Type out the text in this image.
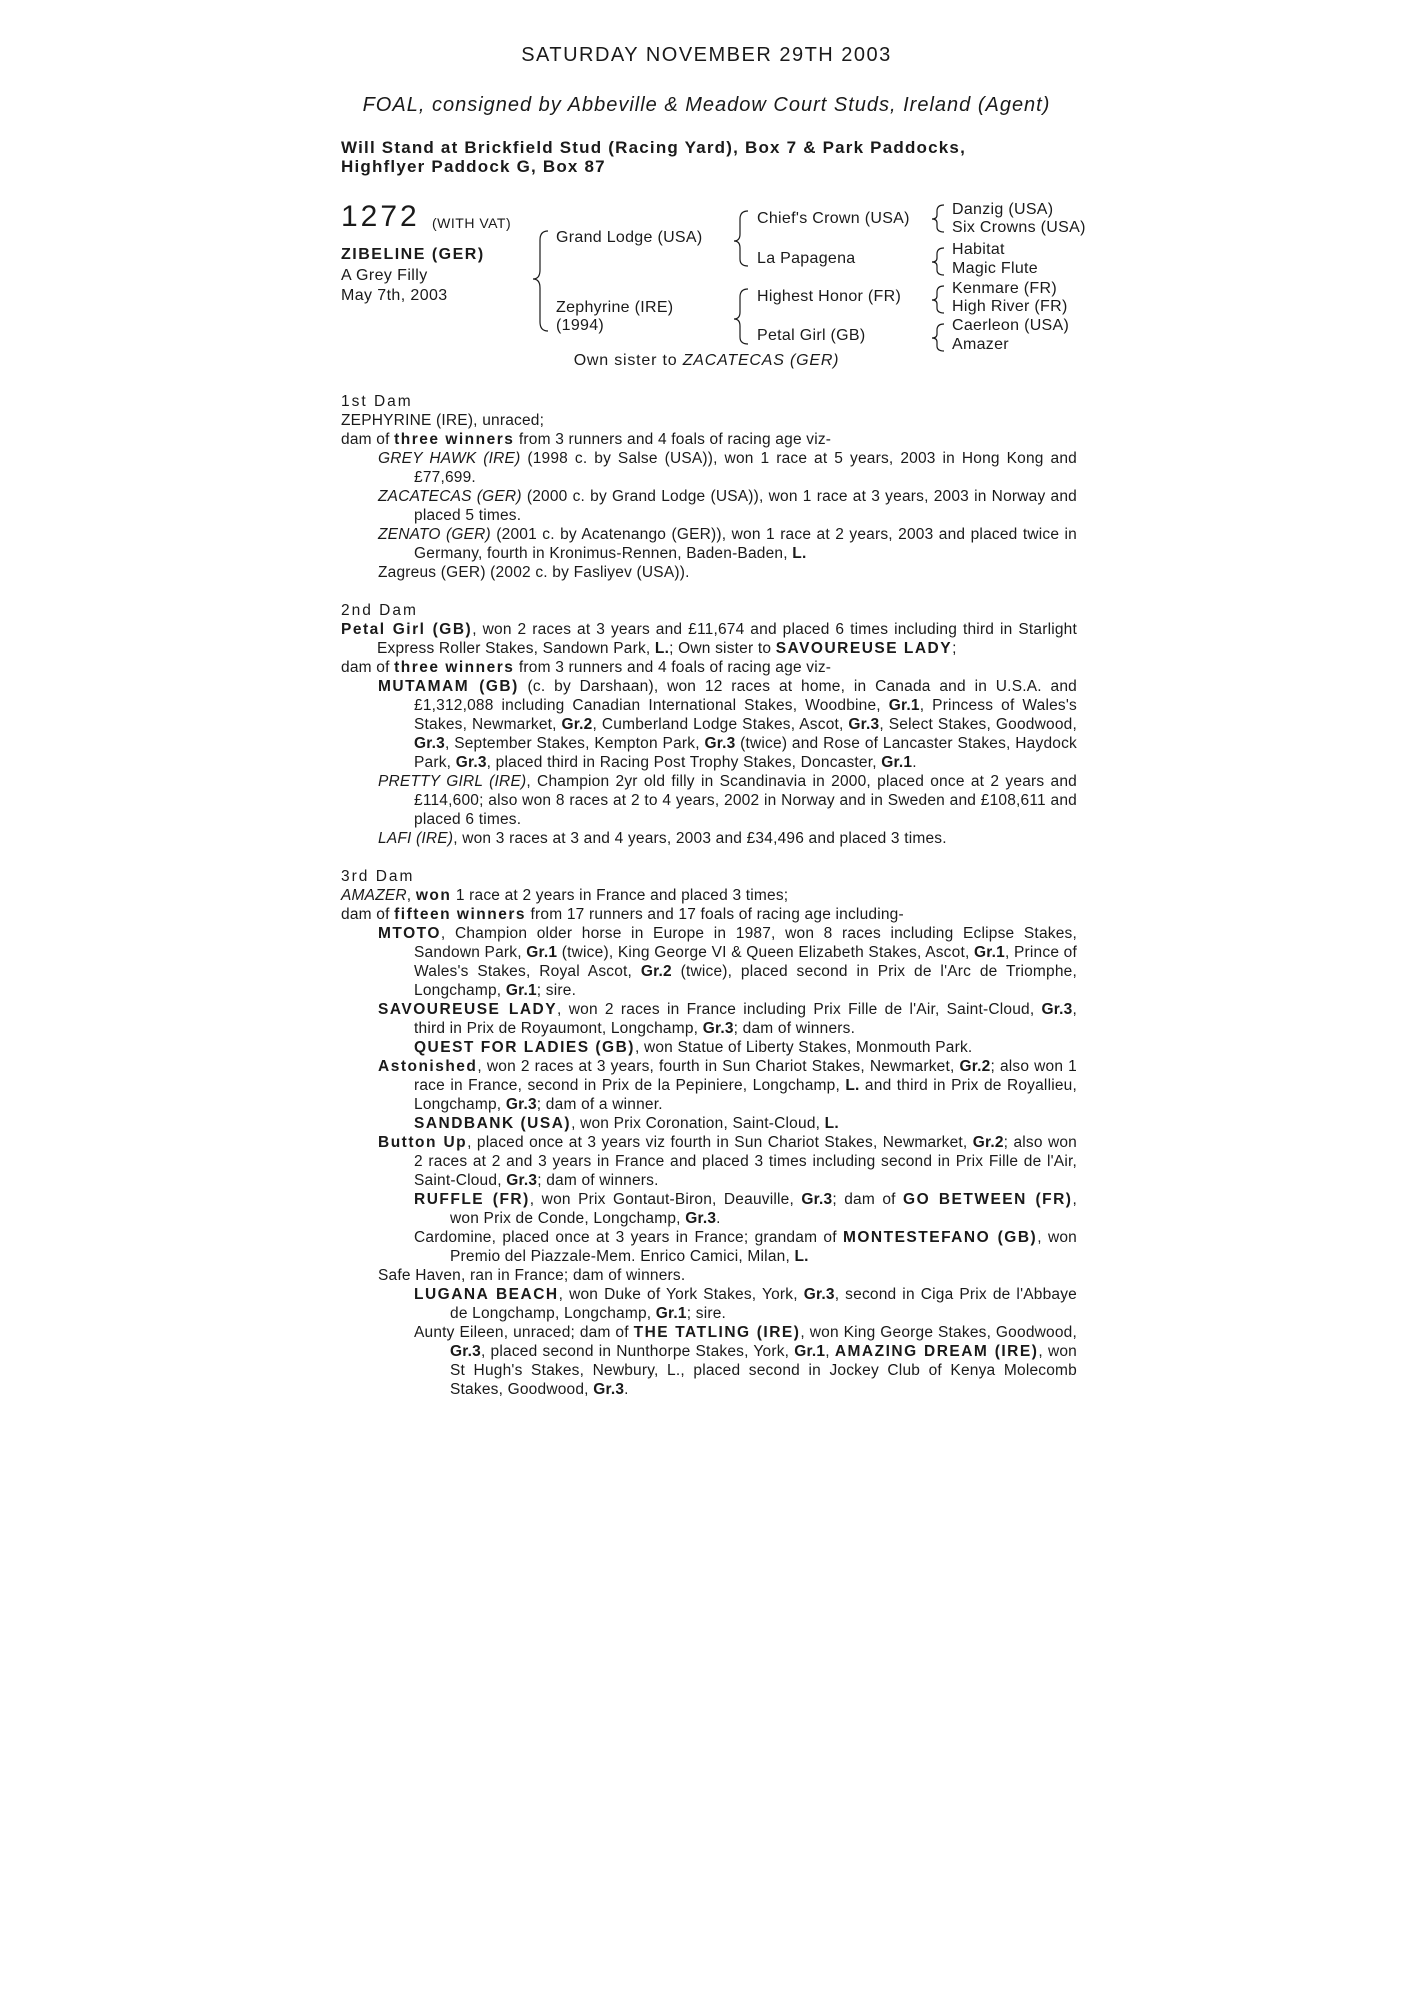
SATURDAY NOVEMBER 29TH 2003
FOAL, consigned by Abbeville & Meadow Court Studs, Ireland (Agent)
Will Stand at Brickfield Stud (Racing Yard), Box 7 & Park Paddocks,
Highflyer Paddock G, Box 87
1272 (WITH VAT)
ZIBELINE (GER)
A Grey Filly
May 7th, 2003
Grand Lodge (USA)
Zephyrine (IRE)
(1994)
Chief's Crown (USA)
La Papagena
Highest Honor (FR)
Petal Girl (GB)
Danzig (USA)
Six Crowns (USA)
Habitat
Magic Flute
Kenmare (FR)
High River (FR)
Caerleon (USA)
Amazer
Own sister to ZACATECAS (GER)

1st Dam

ZEPHYRINE (IRE), unraced;

dam of three winners from 3 runners and 4 foals of racing age viz-

GREY HAWK (IRE) (1998 c. by Salse (USA)), won 1 race at 5 years, 2003 in Hong Kong and £77,699.

ZACATECAS (GER) (2000 c. by Grand Lodge (USA)), won 1 race at 3 years, 2003 in Norway and placed 5 times.

ZENATO (GER) (2001 c. by Acatenango (GER)), won 1 race at 2 years, 2003 and placed twice in Germany, fourth in Kronimus-Rennen, Baden-Baden, L.

Zagreus (GER) (2002 c. by Fasliyev (USA)).

2nd Dam

Petal Girl (GB), won 2 races at 3 years and £11,674 and placed 6 times including third in Starlight Express Roller Stakes, Sandown Park, L.; Own sister to SAVOUREUSE LADY;

dam of three winners from 3 runners and 4 foals of racing age viz-

MUTAMAM (GB) (c. by Darshaan), won 12 races at home, in Canada and in U.S.A. and £1,312,088 including Canadian International Stakes, Woodbine, Gr.1, Princess of Wales's Stakes, Newmarket, Gr.2, Cumberland Lodge Stakes, Ascot, Gr.3, Select Stakes, Goodwood, Gr.3, September Stakes, Kempton Park, Gr.3 (twice) and Rose of Lancaster Stakes, Haydock Park, Gr.3, placed third in Racing Post Trophy Stakes, Doncaster, Gr.1.

PRETTY GIRL (IRE), Champion 2yr old filly in Scandinavia in 2000, placed once at 2 years and £114,600; also won 8 races at 2 to 4 years, 2002 in Norway and in Sweden and £108,611 and placed 6 times.

LAFI (IRE), won 3 races at 3 and 4 years, 2003 and £34,496 and placed 3 times.

3rd Dam

AMAZER, won 1 race at 2 years in France and placed 3 times;

dam of fifteen winners from 17 runners and 17 foals of racing age including-

MTOTO, Champion older horse in Europe in 1987, won 8 races including Eclipse Stakes, Sandown Park, Gr.1 (twice), King George VI & Queen Elizabeth Stakes, Ascot, Gr.1, Prince of Wales's Stakes, Royal Ascot, Gr.2 (twice), placed second in Prix de l'Arc de Triomphe, Longchamp, Gr.1; sire.

SAVOUREUSE LADY, won 2 races in France including Prix Fille de l'Air, Saint-Cloud, Gr.3, third in Prix de Royaumont, Longchamp, Gr.3; dam of winners.

QUEST FOR LADIES (GB), won Statue of Liberty Stakes, Monmouth Park.

Astonished, won 2 races at 3 years, fourth in Sun Chariot Stakes, Newmarket, Gr.2; also won 1 race in France, second in Prix de la Pepiniere, Longchamp, L. and third in Prix de Royallieu, Longchamp, Gr.3; dam of a winner.

SANDBANK (USA), won Prix Coronation, Saint-Cloud, L.

Button Up, placed once at 3 years viz fourth in Sun Chariot Stakes, Newmarket, Gr.2; also won 2 races at 2 and 3 years in France and placed 3 times including second in Prix Fille de l'Air, Saint-Cloud, Gr.3; dam of winners.

RUFFLE (FR), won Prix Gontaut-Biron, Deauville, Gr.3; dam of GO BETWEEN (FR), won Prix de Conde, Longchamp, Gr.3.

Cardomine, placed once at 3 years in France; grandam of MONTESTEFANO (GB), won Premio del Piazzale-Mem. Enrico Camici, Milan, L.

Safe Haven, ran in France; dam of winners.

LUGANA BEACH, won Duke of York Stakes, York, Gr.3, second in Ciga Prix de l'Abbaye de Longchamp, Longchamp, Gr.1; sire.

Aunty Eileen, unraced; dam of THE TATLING (IRE), won King George Stakes, Goodwood, Gr.3, placed second in Nunthorpe Stakes, York, Gr.1, AMAZING DREAM (IRE), won St Hugh's Stakes, Newbury, L., placed second in Jockey Club of Kenya Molecomb Stakes, Goodwood, Gr.3.
